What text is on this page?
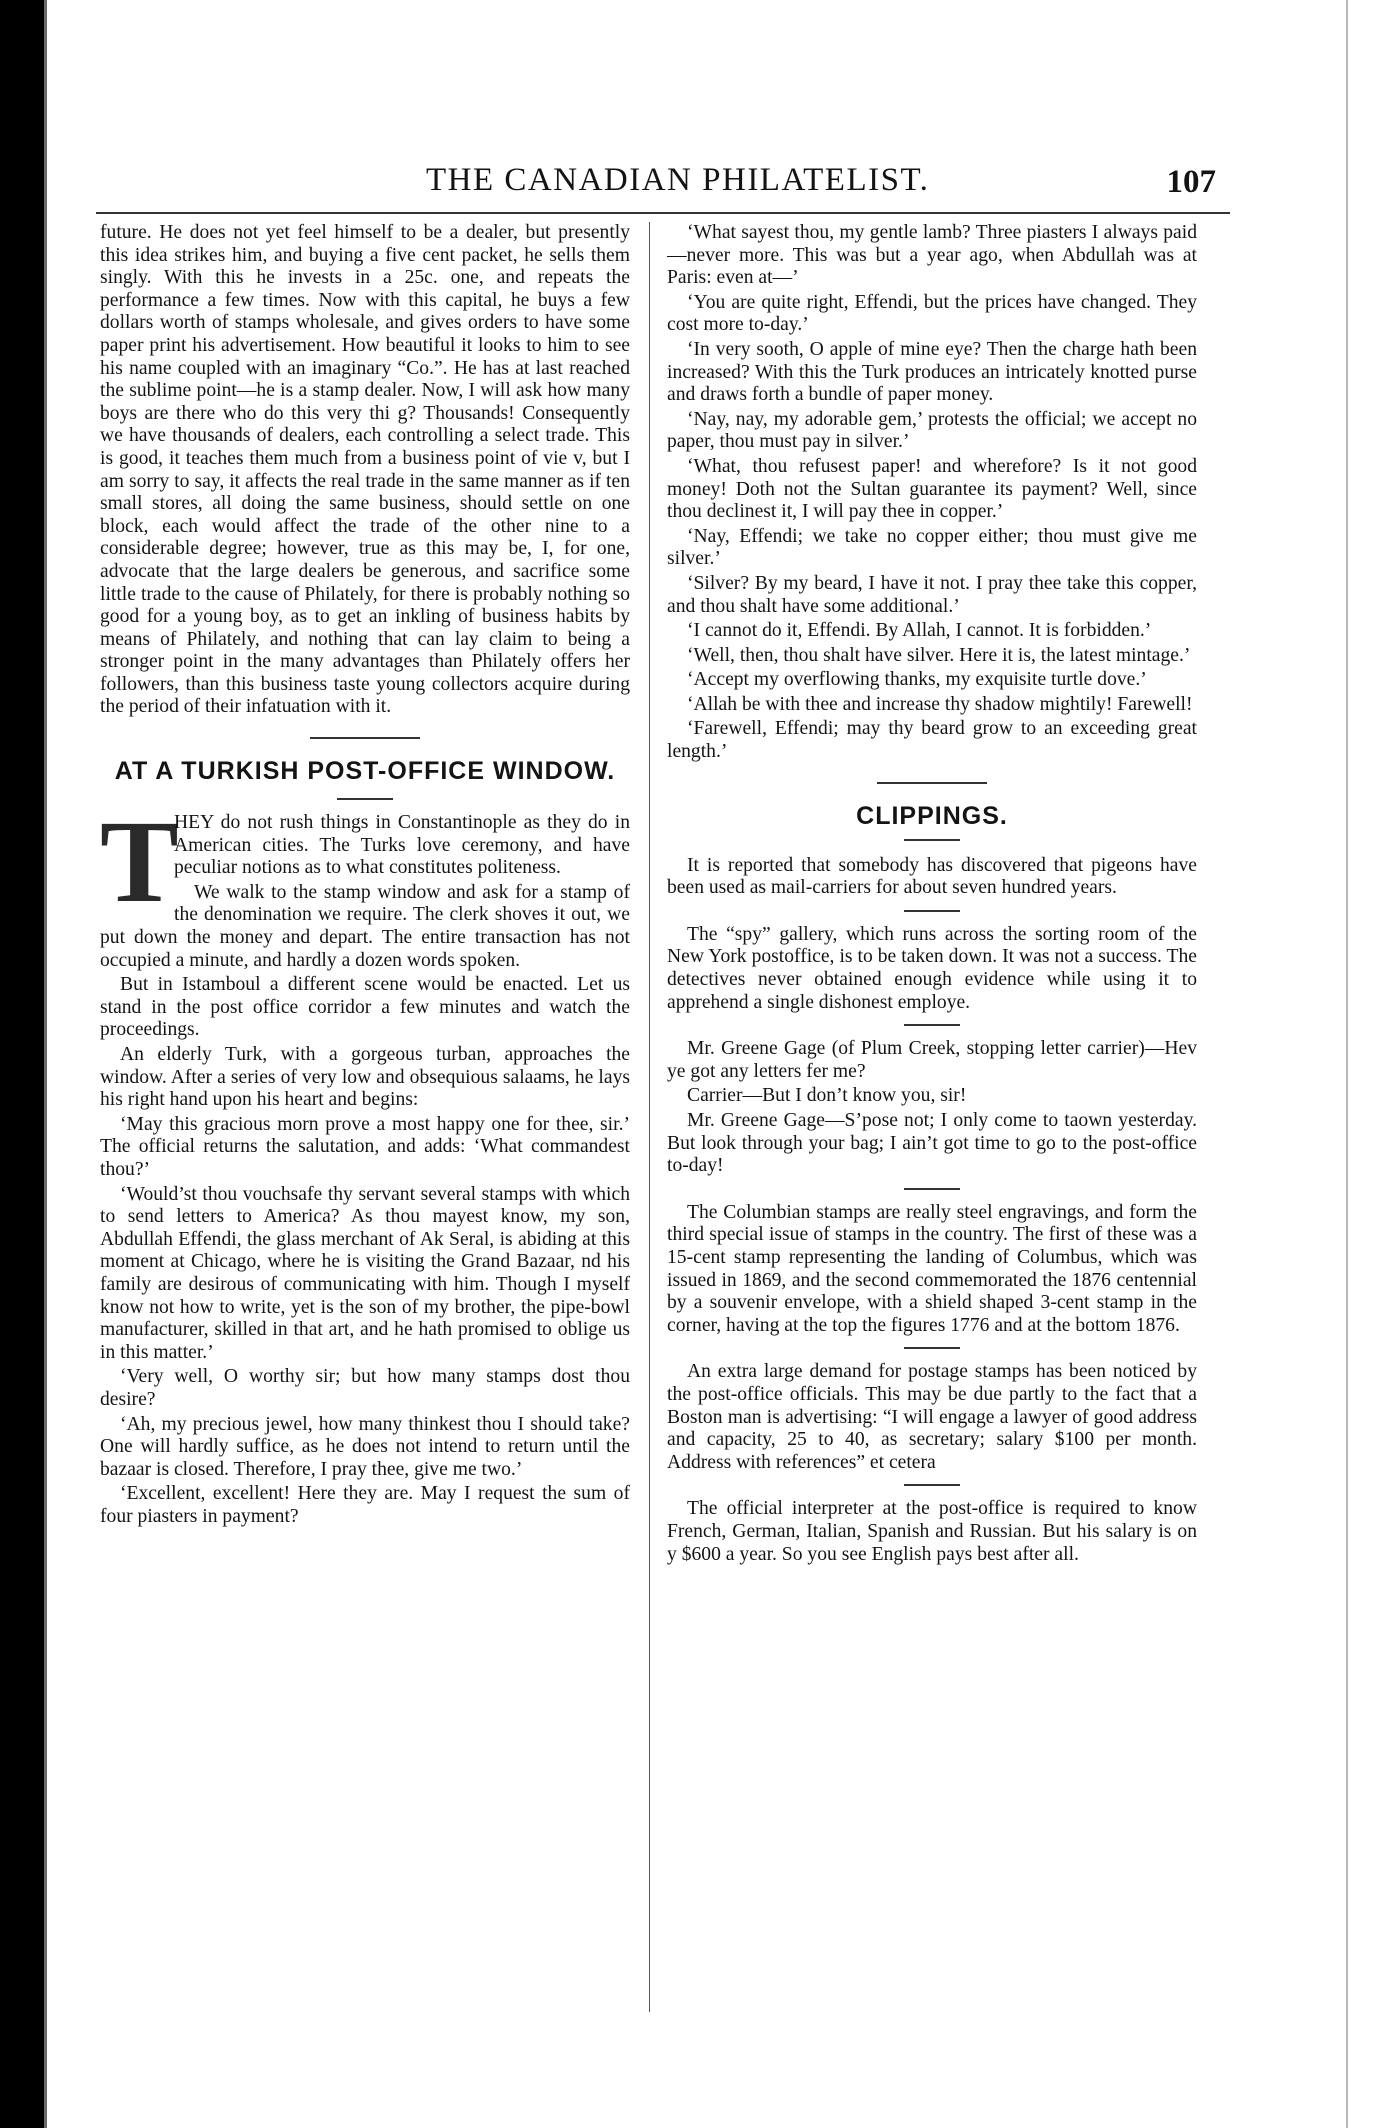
THE CANADIAN PHILATELIST.	107

future. He does not yet feel himself to be a dealer, but presently this idea strikes him, and buying a five cent packet, he sells them singly. With this he invests in a 25c. one, and repeats the performance a few times. Now with this capital, he buys a few dollars worth of stamps wholesale, and gives orders to have some paper print his advertisement. How beautiful it looks to him to see his name coupled with an imaginary “Co.”. He has at last reached the sublime point—he is a stamp dealer. Now, I will ask how many boys are there who do this very thi g? Thousands! Consequently we have thousands of dealers, each controlling a select trade. This is good, it teaches them much from a business point of vie v, but I am sorry to say, it affects the real trade in the same manner as if ten small stores, all doing the same business, should settle on one block, each would affect the trade of the other nine to a considerable degree; however, true as this may be, I, for one, advocate that the large dealers be generous, and sacrifice some little trade to the cause of Philately, for there is probably nothing so good for a young boy, as to get an inkling of business habits by means of Philately, and nothing that can lay claim to being a stronger point in the many advantages than Philately offers her followers, than this business taste young collectors acquire during the period of their infatuation with it.

AT A TURKISH POST-OFFICE WINDOW.
T

HEY do not rush things in Constantinople as they do in American cities. The Turks love ceremony, and have peculiar notions as to what constitutes politeness.

We walk to the stamp window and ask for a stamp of the denomination we require. The clerk shoves it out, we put down the money and depart. The entire transaction has not occupied a minute, and hardly a dozen words spoken.

But in Istamboul a different scene would be enacted. Let us stand in the post office corridor a few minutes and watch the proceedings.

An elderly Turk, with a gorgeous turban, approaches the window. After a series of very low and obsequious salaams, he lays his right hand upon his heart and begins:

‘May this gracious morn prove a most happy one for thee, sir.’ The official returns the salutation, and adds: ‘What commandest thou?’

‘Would’st thou vouchsafe thy servant several stamps with which to send letters to America? As thou mayest know, my son, Abdullah Effendi, the glass merchant of Ak Seral, is abiding at this moment at Chicago, where he is visiting the Grand Bazaar, nd his family are desirous of communicating with him. Though I myself know not how to write, yet is the son of my brother, the pipe-bowl manufacturer, skilled in that art, and he hath promised to oblige us in this matter.’

‘Very well, O worthy sir; but how many stamps dost thou desire?

‘Ah, my precious jewel, how many thinkest thou I should take? One will hardly suffice, as he does not intend to return until the bazaar is closed. Therefore, I pray thee, give me two.’

‘Excellent, excellent! Here they are. May I request the sum of four piasters in payment?

‘What sayest thou, my gentle lamb? Three piasters I always paid—never more. This was but a year ago, when Abdullah was at Paris: even at—’

‘You are quite right, Effendi, but the prices have changed. They cost more to-day.’

‘In very sooth, O apple of mine eye? Then the charge hath been increased? With this the Turk produces an intricately knotted purse and draws forth a bundle of paper money.

‘Nay, nay, my adorable gem,’ protests the official; we accept no paper, thou must pay in silver.’

‘What, thou refusest paper! and wherefore? Is it not good money! Doth not the Sultan guarantee its payment? Well, since thou declinest it, I will pay thee in copper.’

‘Nay, Effendi; we take no copper either; thou must give me silver.’

‘Silver? By my beard, I have it not. I pray thee take this copper, and thou shalt have some additional.’

‘I cannot do it, Effendi. By Allah, I cannot. It is forbidden.’

‘Well, then, thou shalt have silver. Here it is, the latest mintage.’

‘Accept my overflowing thanks, my exquisite turtle dove.’

‘Allah be with thee and increase thy shadow mightily! Farewell!

‘Farewell, Effendi; may thy beard grow to an exceeding great length.’

CLIPPINGS.

It is reported that somebody has discovered that pigeons have been used as mail-carriers for about seven hundred years.

The “spy” gallery, which runs across the sorting room of the New York postoffice, is to be taken down. It was not a success. The detectives never obtained enough evidence while using it to apprehend a single dishonest employe.

Mr. Greene Gage (of Plum Creek, stopping letter carrier)—Hev ye got any letters fer me?

Carrier—But I don’t know you, sir!

Mr. Greene Gage—S’pose not; I only come to taown yesterday. But look through your bag; I ain’t got time to go to the post-office to-day!

The Columbian stamps are really steel engravings, and form the third special issue of stamps in the country. The first of these was a 15-cent stamp representing the landing of Columbus, which was issued in 1869, and the second commemorated the 1876 centennial by a souvenir envelope, with a shield shaped 3-cent stamp in the corner, having at the top the figures 1776 and at the bottom 1876.

An extra large demand for postage stamps has been noticed by the post-office officials. This may be due partly to the fact that a Boston man is advertising: “I will engage a lawyer of good address and capacity, 25 to 40, as secretary; salary $100 per month. Address with references” et cetera

The official interpreter at the post-office is required to know French, German, Italian, Spanish and Russian. But his salary is on y $600 a year. So you see English pays best after all.
